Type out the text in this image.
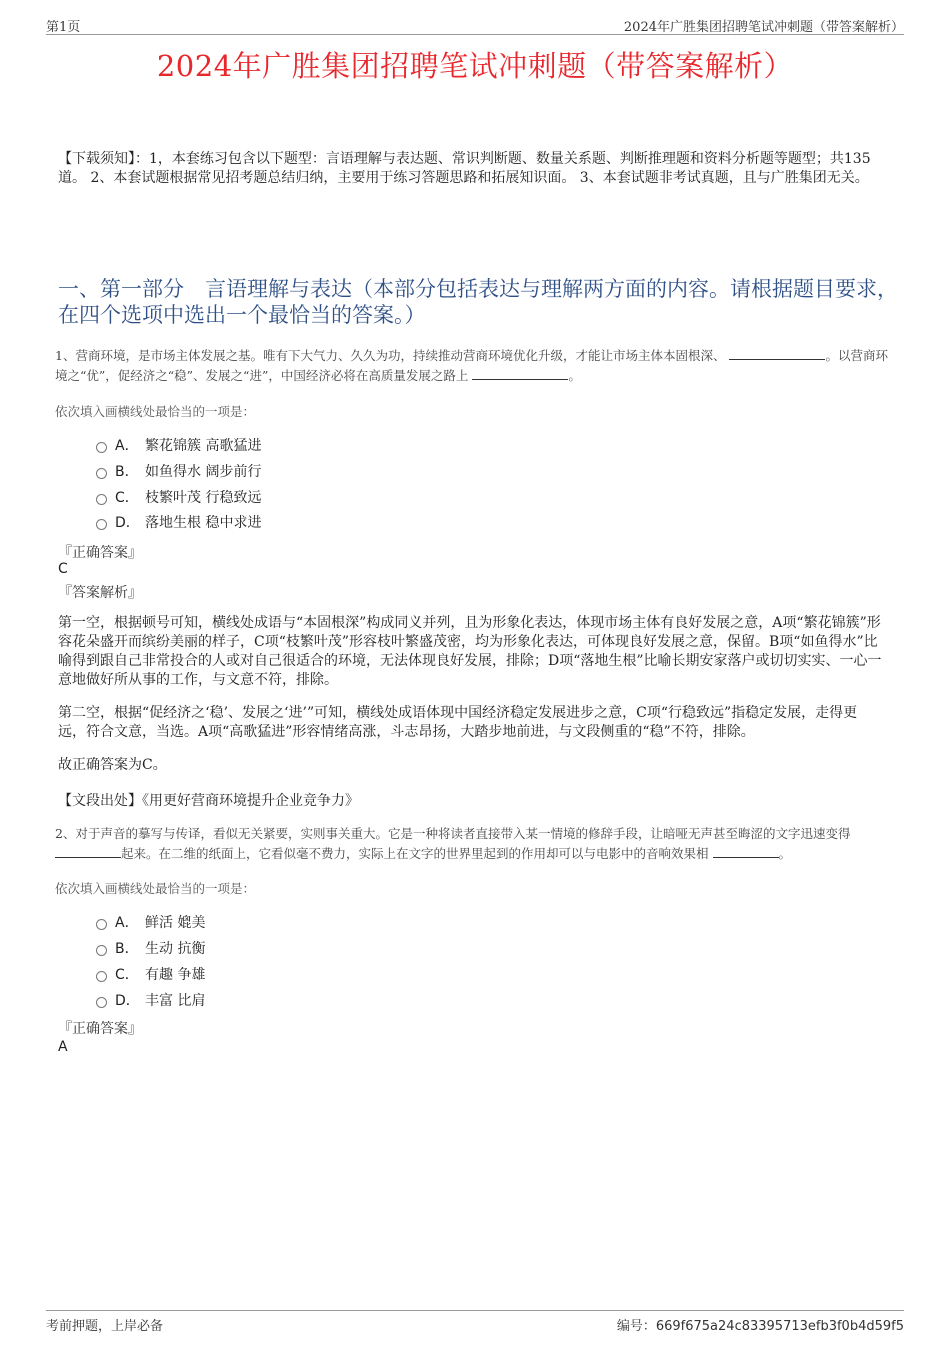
第1页	2024年广胜集团招聘笔试冲刺题（带答案解析）
2024年广胜集团招聘笔试冲刺题（带答案解析）
【下载须知】：1，本套练习包含以下题型：言语理解与表达题、常识判断题、数量关系题、判断推理题和资料分析题等题型；共135道。 2、本套试题根据常见招考题总结归纳，主要用于练习答题思路和拓展知识面。 3、本套试题非考试真题，且与广胜集团无关。
一、第一部分　言语理解与表达（本部分包括表达与理解两方面的内容。请根据题目要求，在四个选项中选出一个最恰当的答案。）
1、营商环境，是市场主体发展之基。唯有下大气力、久久为功，持续推动营商环境优化升级，才能让市场主体本固根深、	。以营商环境之“优”，促经济之“稳”、发展之“进”，中国经济必将在高质量发展之路上	。
依次填入画横线处最恰当的一项是：
A． 繁花锦簇 高歌猛进
B． 如鱼得水 阔步前行
C． 枝繁叶茂 行稳致远
D． 落地生根 稳中求进
『正确答案』
C
『答案解析』
第一空，根据顿号可知，横线处成语与“本固根深”构成同义并列，且为形象化表达，体现市场主体有良好发展之意，A项“繁花锦簇”形容花朵盛开而缤纷美丽的样子，C项“枝繁叶茂”形容枝叶繁盛茂密，均为形象化表达，可体现良好发展之意，保留。B项“如鱼得水”比喻得到跟自己非常投合的人或对自己很适合的环境，无法体现良好发展，排除；D项“落地生根”比喻长期安家落户或切切实实、一心一意地做好所从事的工作，与文意不符，排除。
第二空，根据“促经济之‘稳’、发展之‘进’”可知，横线处成语体现中国经济稳定发展进步之意，C项“行稳致远”指稳定发展，走得更远，符合文意，当选。A项“高歌猛进”形容情绪高涨，斗志昂扬，大踏步地前进，与文段侧重的“稳”不符，排除。
故正确答案为C。
【文段出处】《用更好营商环境提升企业竞争力》
2、对于声音的摹写与传译，看似无关紧要，实则事关重大。它是一种将读者直接带入某一情境的修辞手段，让暗哑无声甚至晦涩的文字迅速变得 起来。在二维的纸面上，它看似毫不费力，实际上在文字的世界里起到的作用却可以与电影中的音响效果相	。
依次填入画横线处最恰当的一项是：
A． 鲜活 媲美
B． 生动 抗衡
C． 有趣 争雄
D． 丰富 比肩
『正确答案』
A
考前押题，上岸必备	编号：669f675a24c83395713efb3f0b4d59f5
